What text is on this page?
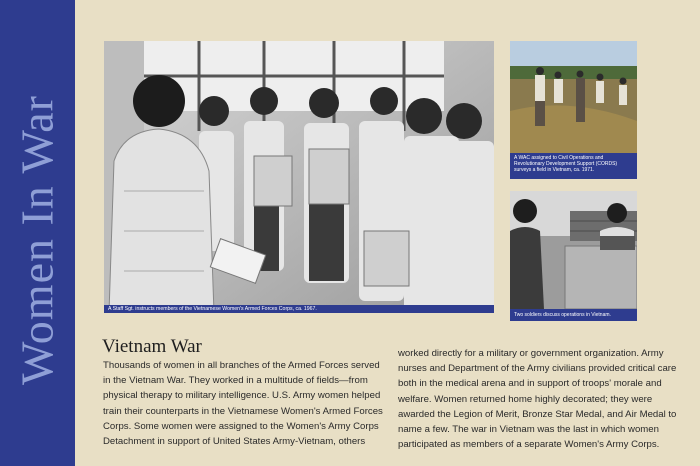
Women In War	A Staff Sgt. instructs members of the Vietnamese Women's Armed Forces Corps, ca. 1967.
A WAC assigned to Civil Operations and Revolutionary Development Support (CORDS) surveys a field in Vietnam, ca. 1971.
Two soldiers discuss operations in Vietnam.
Vietnam War
Thousands of women in all branches of the Armed Forces served in the Vietnam War. They worked in a multitude of fields—from physical therapy to military intelligence. U.S. Army women helped train their counterparts in the Vietnamese Women's Armed Forces Corps. Some women were assigned to the Women's Army Corps Detachment in support of United States Army-Vietnam, others
worked directly for a military or government organization. Army nurses and Department of the Army civilians provided critical care both in the medical arena and in support of troops' morale and welfare. Women returned home highly decorated; they were awarded the Legion of Merit, Bronze Star Medal, and Air Medal to name a few. The war in Vietnam was the last in which women participated as members of a separate Women's Army Corps.
